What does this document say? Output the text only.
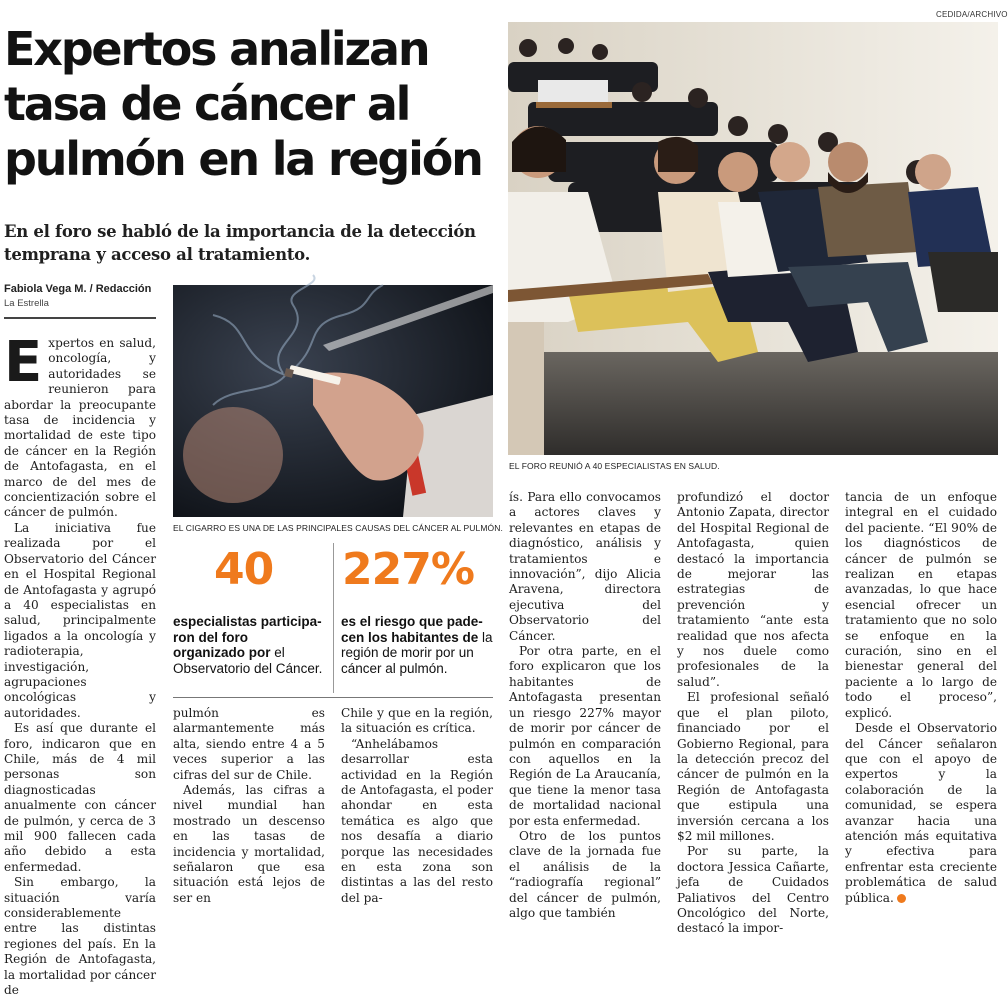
CEDIDA/ARCHIVO
Expertos analizan tasa de cáncer al pulmón en la región
En el foro se habló de la importancia de la detección temprana y acceso al tratamiento.
Fabiola Vega M. / Redacción
La Estrella
EL FORO REUNIÓ A 40 ESPECIALISTAS EN SALUD.
EL CIGARRO ES UNA DE LAS PRINCIPALES CAUSAS DEL CÁNCER AL PULMÓN.
40 227%
especialistas participa- ron del foro organizado por el Observatorio del Cáncer.
es el riesgo que pade- cen los habitantes de la región de morir por un cáncer al pulmón.

Expertos en salud, oncología, y autoridades se reunieron para abordar la preocupante tasa de incidencia y mortalidad de este tipo de cáncer en la Región de Antofagasta, en el marco de del mes de concientización sobre el cáncer de pulmón.

La iniciativa fue realizada por el Observatorio del Cáncer en el Hospital Regional de Antofagasta y agrupó a 40 especialistas en salud, principalmente ligados a la oncología y radioterapia, investigación, agrupaciones oncológicas y autoridades.

Es así que durante el foro, indicaron que en Chile, más de 4 mil personas son diagnosticadas anualmente con cáncer de pulmón, y cerca de 3 mil 900 fallecen cada año debido a esta enfermedad.

Sin embargo, la situación varía considerablemente entre las distintas regiones del país. En la Región de Antofagasta, la mortalidad por cáncer de

pulmón es alarmantemente más alta, siendo entre 4 a 5 veces superior a las cifras del sur de Chile.

Además, las cifras a nivel mundial han mostrado un descenso en las tasas de incidencia y mortalidad, señalaron que esa situación está lejos de ser en

Chile y que en la región, la situación es crítica.

“Anhelábamos desarrollar esta actividad en la Región de Antofagasta, el poder ahondar en esta temática es algo que nos desafía a diario porque las necesidades en esta zona son distintas a las del resto del pa-

ís. Para ello convocamos a actores claves y relevantes en etapas de diagnóstico, análisis y tratamientos e innovación”, dijo Alicia Aravena, directora ejecutiva del Observatorio del Cáncer.

Por otra parte, en el foro explicaron que los habitantes de Antofagasta presentan un riesgo 227% mayor de morir por cáncer de pulmón en comparación con aquellos en la Región de La Araucanía, que tiene la menor tasa de mortalidad nacional por esta enfermedad.

Otro de los puntos clave de la jornada fue el análisis de la “radiografía regional” del cáncer de pulmón, algo que también

profundizó el doctor Antonio Zapata, director del Hospital Regional de Antofagasta, quien destacó la importancia de mejorar las estrategias de prevención y tratamiento “ante esta realidad que nos afecta y nos duele como profesionales de la salud”.

El profesional señaló que el plan piloto, financiado por el Gobierno Regional, para la detección precoz del cáncer de pulmón en la Región de Antofagasta que estipula una inversión cercana a los $2 mil millones.

Por su parte, la doctora Jessica Cañarte, jefa de Cuidados Paliativos del Centro Oncológico del Norte, destacó la impor-

tancia de un enfoque integral en el cuidado del paciente. “El 90% de los diagnósticos de cáncer de pulmón se realizan en etapas avanzadas, lo que hace esencial ofrecer un tratamiento que no solo se enfoque en la curación, sino en el bienestar general del paciente a lo largo de todo el proceso”, explicó.

Desde el Observatorio del Cáncer señalaron que con el apoyo de expertos y la colaboración de la comunidad, se espera avanzar hacia una atención más equitativa y efectiva para enfrentar esta creciente problemática de salud pública.
